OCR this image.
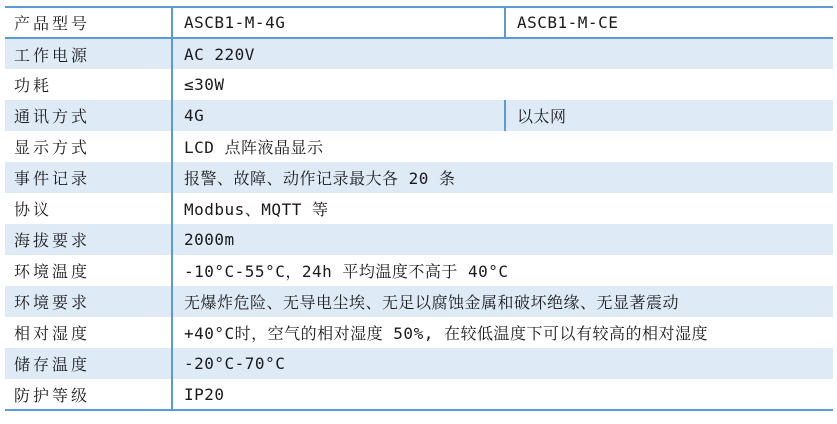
产品型号	ASCB1-M-4G	ASCB1-M-CE
工作电源	AC 220V	
功耗	≤30W	
通讯方式	4G	以太网
显示方式	LCD 点阵液晶显示	
事件记录	报警、故障、动作记录最大各 20 条	
协议	Modbus、MQTT 等	
海拔要求	2000m	
环境温度	-10°C-55°C，24h 平均温度不高于 40°C	
环境要求	无爆炸危险、无导电尘埃、无足以腐蚀金属和破坏绝缘、无显著震动	
相对湿度	+40°C时，空气的相对湿度 50%, 在较低温度下可以有较高的相对湿度	
储存温度	-20°C-70°C	
防护等级	IP20	
